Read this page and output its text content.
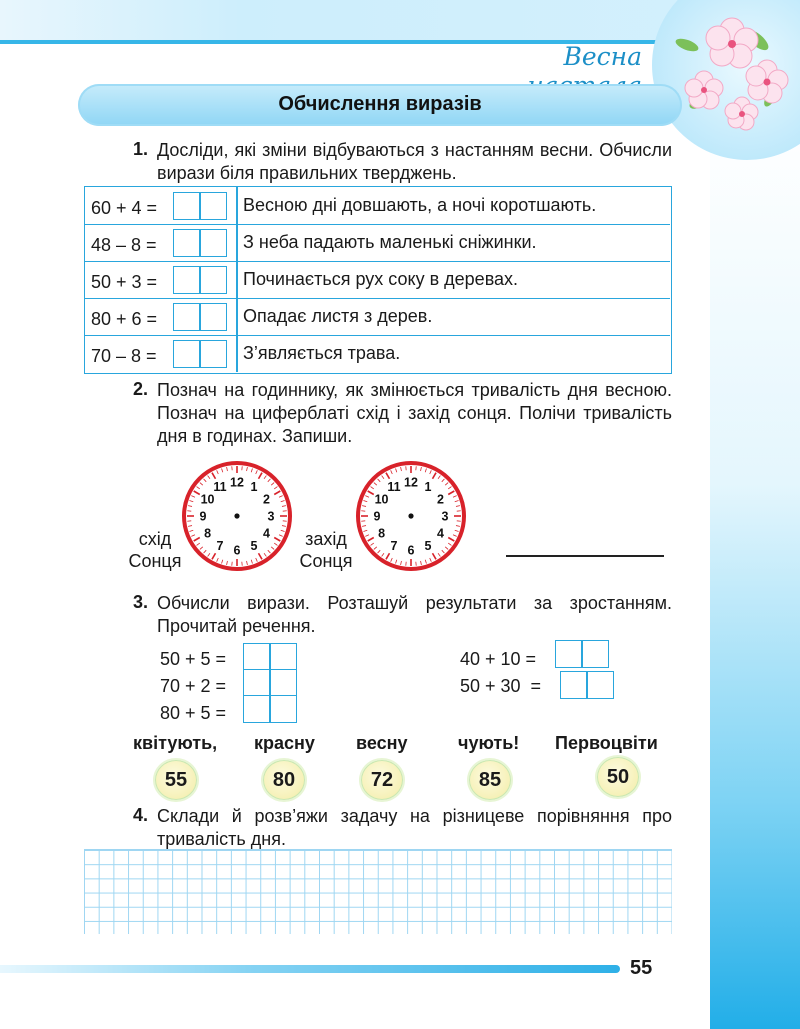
Весна
Обчислення виразів
1. Досліди, які зміни відбуваються з настанням весни. Обчисли вирази біля правильних тверджень.
60 + 4 =	Весною дні довшають, а ночі коротшають.
48 – 8 =	З неба падають маленькі сніжинки.
50 + 3 =	Починається рух соку в деревах.
80 + 6 =	Опадає листя з дерев.
70 – 8 =	З’являється трава.
2. Познач на годиннику, як змінюється тривалість дня весною. Познач на циферблаті схід і захід сонця. Полічи тривалість дня в годинах. Запиши.
12 1
2
3
4
5
6
7
8
9
10
11	12 1
2
3
4
5
6
7
8
9
10
11
схід
Сонця
захід
Сонця
3. Обчисли вирази. Розташуй результати за зростанням. Прочитай речення.
50 + 5 =
70 + 2 =
80 + 5 =
40 + 10 =
50 + 30  =
квітують, красну весну	чують! Первоцвіти
55	80	72	85	50
4. Склади й розв’яжи задачу на різницеве порівняння про тривалість дня.
55
